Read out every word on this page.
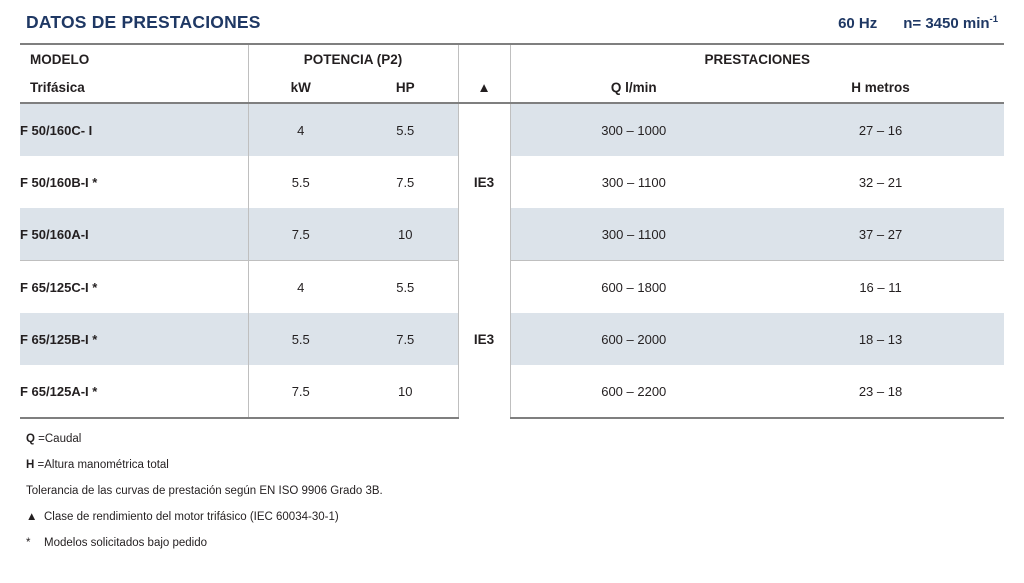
DATOS DE PRESTACIONES	60 Hz n= 3450 $\min^{-1}$
MODELO	POTENCIA (P2)			PRESTACIONES	
Trifásica	kW	HP	▲	Q l/min	H metros
F 50/160C- I	4	5.5	IE3	300 – 1000	27 – 16
F 50/160B-I *	5.5	7.5		300 – 1100	32 – 21
F 50/160A-I	7.5	10		300 – 1100	37 – 27
F 65/125C-I *	4	5.5	IE3	600 – 1800	16 – 11
F 65/125B-I *	5.5	7.5		600 – 2000	18 – 13
F 65/125A-I *	7.5	10		600 – 2200	23 – 18

Q =Caudal

H =Altura manométrica total

Tolerancia de las curvas de prestación según EN ISO 9906 Grado 3B.

▲ Clase de rendimiento del motor trifásico (IEC 60034-30-1)

* Modelos solicitados bajo pedido
